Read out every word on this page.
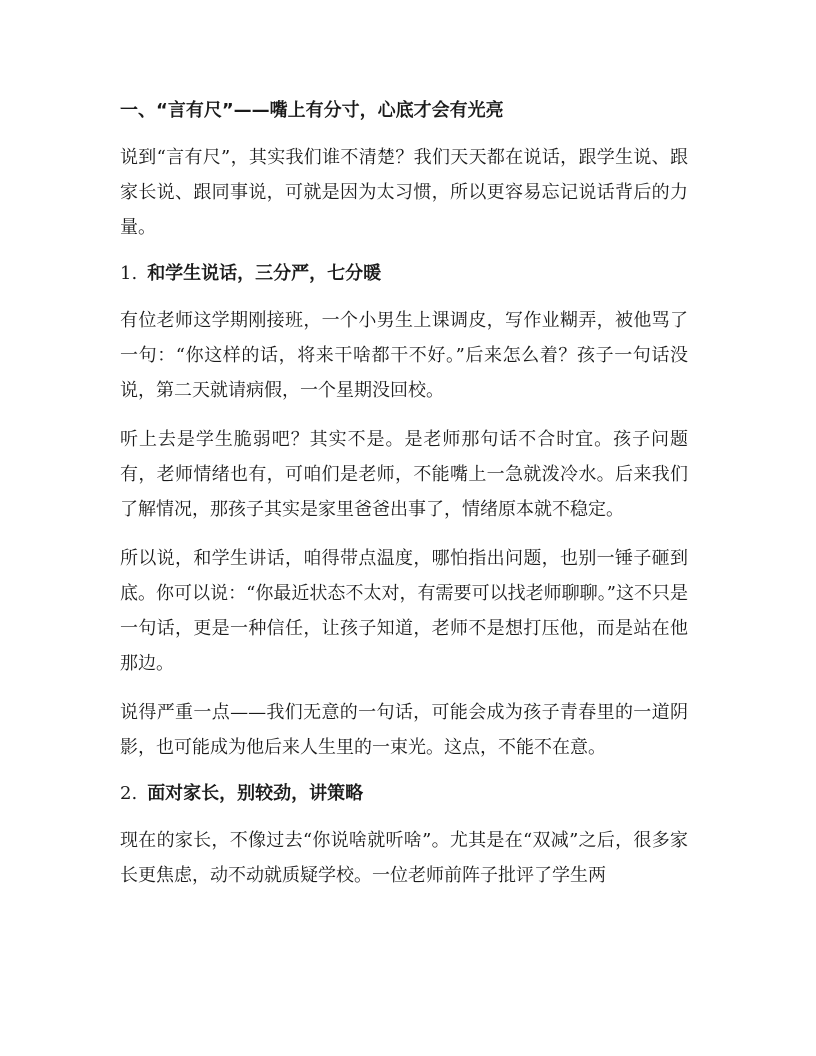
一、“言有尺”——嘴上有分寸，心底才会有光亮

说到“言有尺”，其实我们谁不清楚？我们天天都在说话，跟学生说、跟家长说、跟同事说，可就是因为太习惯，所以更容易忘记说话背后的力量。

1. 和学生说话，三分严，七分暖

有位老师这学期刚接班，一个小男生上课调皮，写作业糊弄，被他骂了一句：“你这样的话，将来干啥都干不好。”后来怎么着？孩子一句话没说，第二天就请病假，一个星期没回校。

听上去是学生脆弱吧？其实不是。是老师那句话不合时宜。孩子问题有，老师情绪也有，可咱们是老师，不能嘴上一急就泼冷水。后来我们了解情况，那孩子其实是家里爸爸出事了，情绪原本就不稳定。

所以说，和学生讲话，咱得带点温度，哪怕指出问题，也别一锤子砸到底。你可以说：“你最近状态不太对，有需要可以找老师聊聊。”这不只是一句话，更是一种信任，让孩子知道，老师不是想打压他，而是站在他那边。

说得严重一点——我们无意的一句话，可能会成为孩子青春里的一道阴影，也可能成为他后来人生里的一束光。这点，不能不在意。

2. 面对家长，别较劲，讲策略

现在的家长，不像过去“你说啥就听啥”。尤其是在“双减”之后，很多家长更焦虑，动不动就质疑学校。一位老师前阵子批评了学生两
